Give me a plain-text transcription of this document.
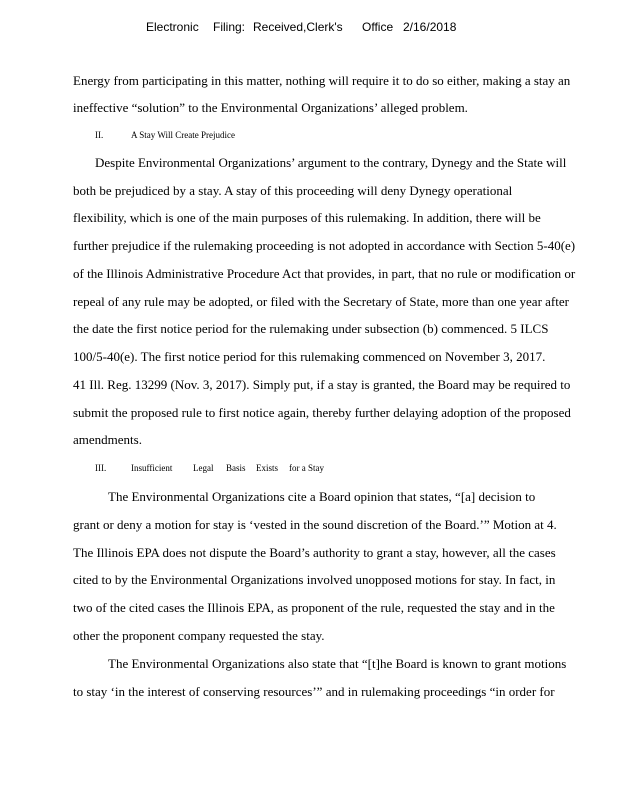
Electronic Filing: Received,Clerk's Office 2/16/2018
Energy from participating in this matter, nothing will require it to do so either, making a stay an
ineffective “solution” to the Environmental Organizations’ alleged problem.
II.	A Stay Will Create Prejudice
Despite Environmental Organizations’ argument to the contrary, Dynegy and the State will
both be prejudiced by a stay. A stay of this proceeding will deny Dynegy operational
flexibility, which is one of the main purposes of this rulemaking. In addition, there will be
further prejudice if the rulemaking proceeding is not adopted in accordance with Section 5-40(e)
of the Illinois Administrative Procedure Act that provides, in part, that no rule or modification or
repeal of any rule may be adopted, or filed with the Secretary of State, more than one year after
the date the first notice period for the rulemaking under subsection (b) commenced. 5 ILCS
100/5-40(e). The first notice period for this rulemaking commenced on November 3, 2017.
41 Ill. Reg. 13299 (Nov. 3, 2017). Simply put, if a stay is granted, the Board may be required to
submit the proposed rule to first notice again, thereby further delaying adoption of the proposed
amendments.
III.	Insufficient Legal Basis Exists for a Stay
The Environmental Organizations cite a Board opinion that states, “[a] decision to
grant or deny a motion for stay is ‘vested in the sound discretion of the Board.’” Motion at 4.
The Illinois EPA does not dispute the Board’s authority to grant a stay, however, all the cases
cited to by the Environmental Organizations involved unopposed motions for stay. In fact, in
two of the cited cases the Illinois EPA, as proponent of the rule, requested the stay and in the
other the proponent company requested the stay.
The Environmental Organizations also state that “[t]he Board is known to grant motions
to stay ‘in the interest of conserving resources’” and in rulemaking proceedings “in order for
